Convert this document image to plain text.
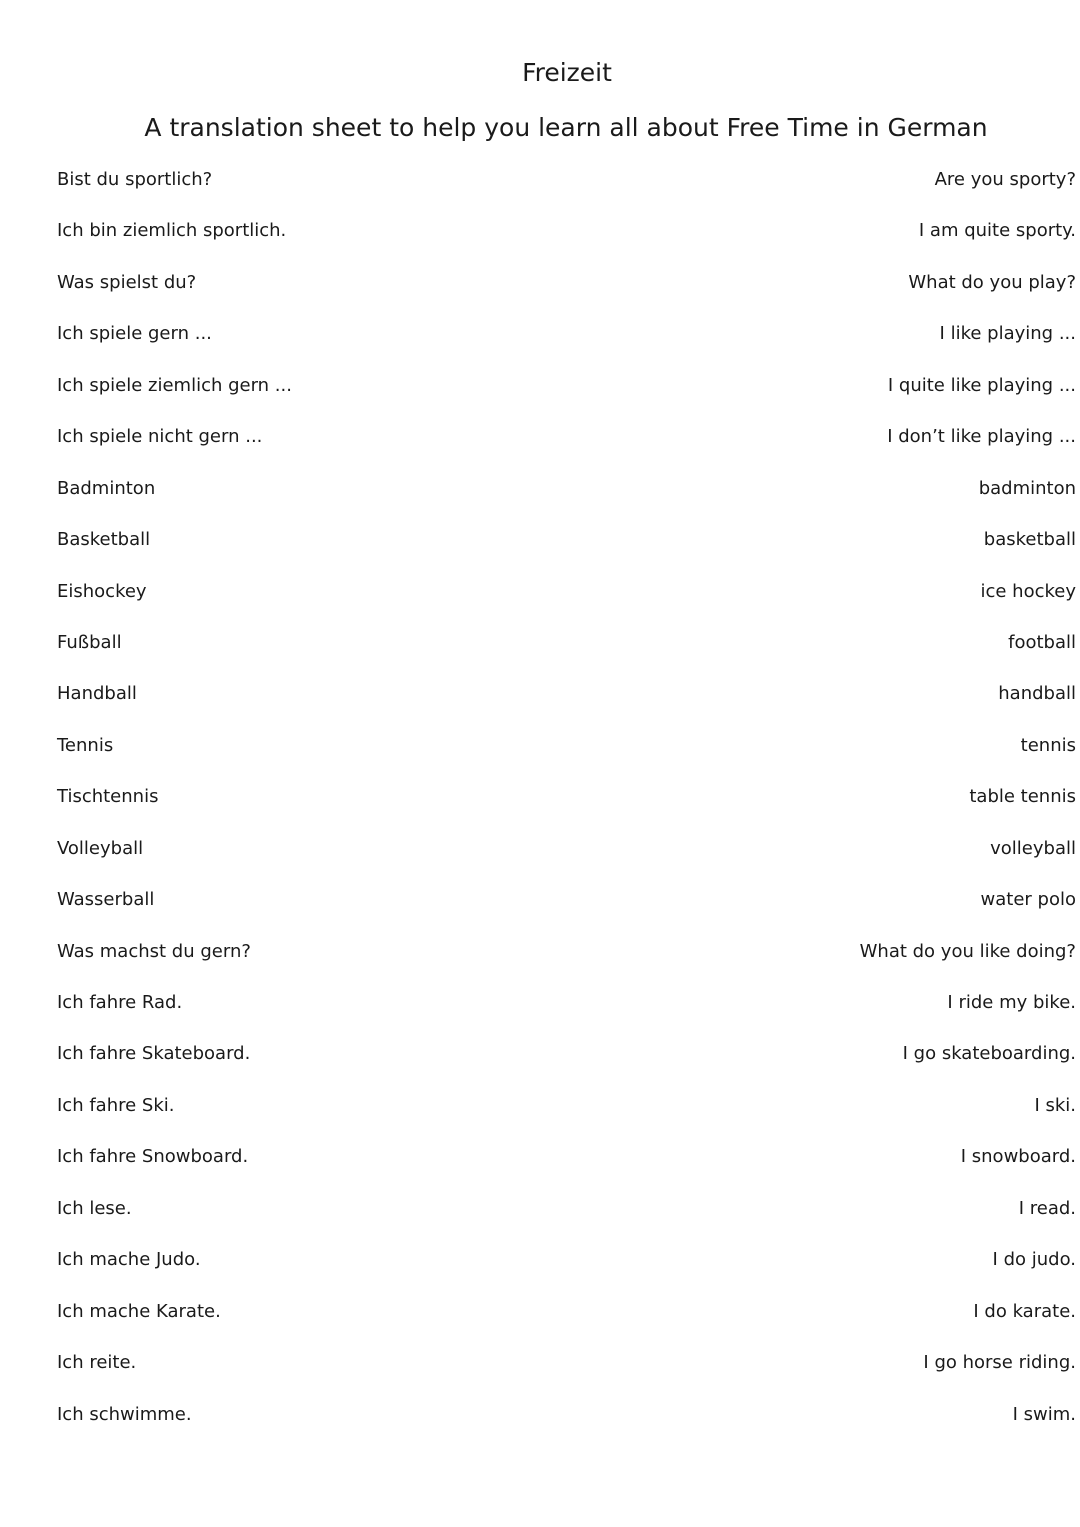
Freizeit
A translation sheet to help you learn all about Free Time in German
Bist du sportlich?	Are you sporty?
Ich bin ziemlich sportlich.	I am quite sporty.
Was spielst du?	What do you play?
Ich spiele gern ...	I like playing ...
Ich spiele ziemlich gern ...	I quite like playing ...
Ich spiele nicht gern ...	I don’t like playing ...
Badminton	badminton
Basketball	basketball
Eishockey	ice hockey
Fußball	football
Handball	handball
Tennis	tennis
Tischtennis	table tennis
Volleyball	volleyball
Wasserball	water polo
Was machst du gern?	What do you like doing?
Ich fahre Rad.	I ride my bike.
Ich fahre Skateboard.	I go skateboarding.
Ich fahre Ski.	I ski.
Ich fahre Snowboard.	I snowboard.
Ich lese.	I read.
Ich mache Judo.	I do judo.
Ich mache Karate.	I do karate.
Ich reite.	I go horse riding.
Ich schwimme.	I swim.
